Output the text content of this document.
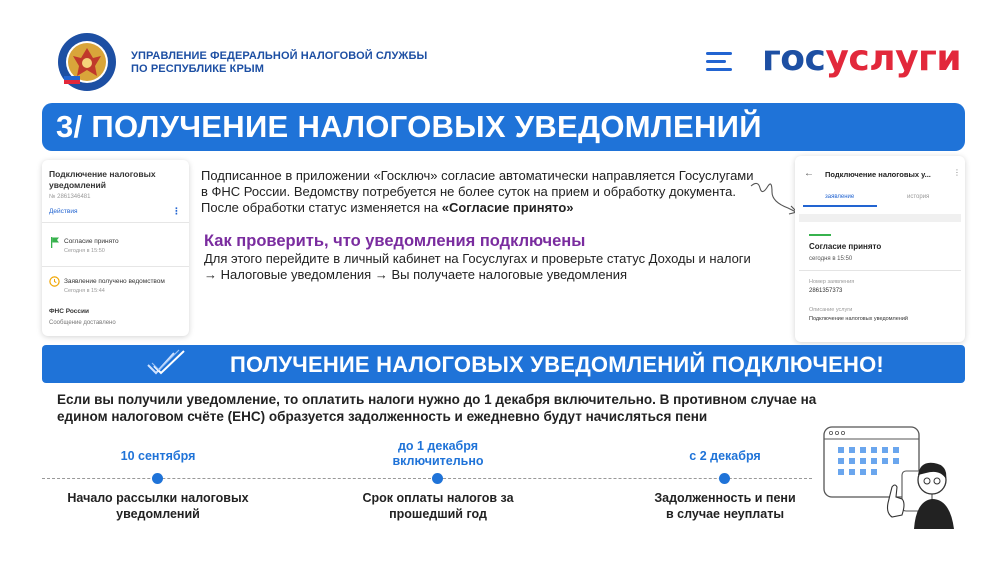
УПРАВЛЕНИЕ ФЕДЕРАЛЬНОЙ НАЛОГОВОЙ СЛУЖБЫ
ПО РЕСПУБЛИКЕ КРЫМ	госуслуги
3/ ПОЛУЧЕНИЕ НАЛОГОВЫХ УВЕДОМЛЕНИЙ
Подключение налоговых уведомлений
№ 2861346481
Действия	⋮
Согласие принято
Сегодня в 15:50
Заявление получено ведомством
Сегодня в 15:44
ФНС России
Сообщение доставлено
Подписанное в приложении «Госключ» согласие автоматически направляется Госуслугами в ФНС России. Ведомству потребуется не более суток на прием и обработку документа. После обработки статус изменяется на «Согласие принято»
Как проверить, что уведомления подключены
Для этого перейдите в личный кабинет на Госуслугах и проверьте статус Доходы и налоги → Налоговые уведомления → Вы получаете налоговые уведомления
← Подключение налоговых у...	⋮
заявление	история
Согласие принято
сегодня в 15:50
Номер заявления
2861357373
Описание услуги
Подключение налоговых уведомлений
ПОЛУЧЕНИЕ НАЛОГОВЫХ УВЕДОМЛЕНИЙ ПОДКЛЮЧЕНО!
Если вы получили уведомление, то оплатить налоги нужно до 1 декабря включительно. В противном случае на едином налоговом счёте (ЕНС) образуется задолженность и ежедневно будут начисляться пени
10 сентября
Начало рассылки налоговых
уведомлений
до 1 декабря
включительно
Срок оплаты налогов за
прошедший год
с 2 декабря
Задолженность и пени
в случае неуплаты
